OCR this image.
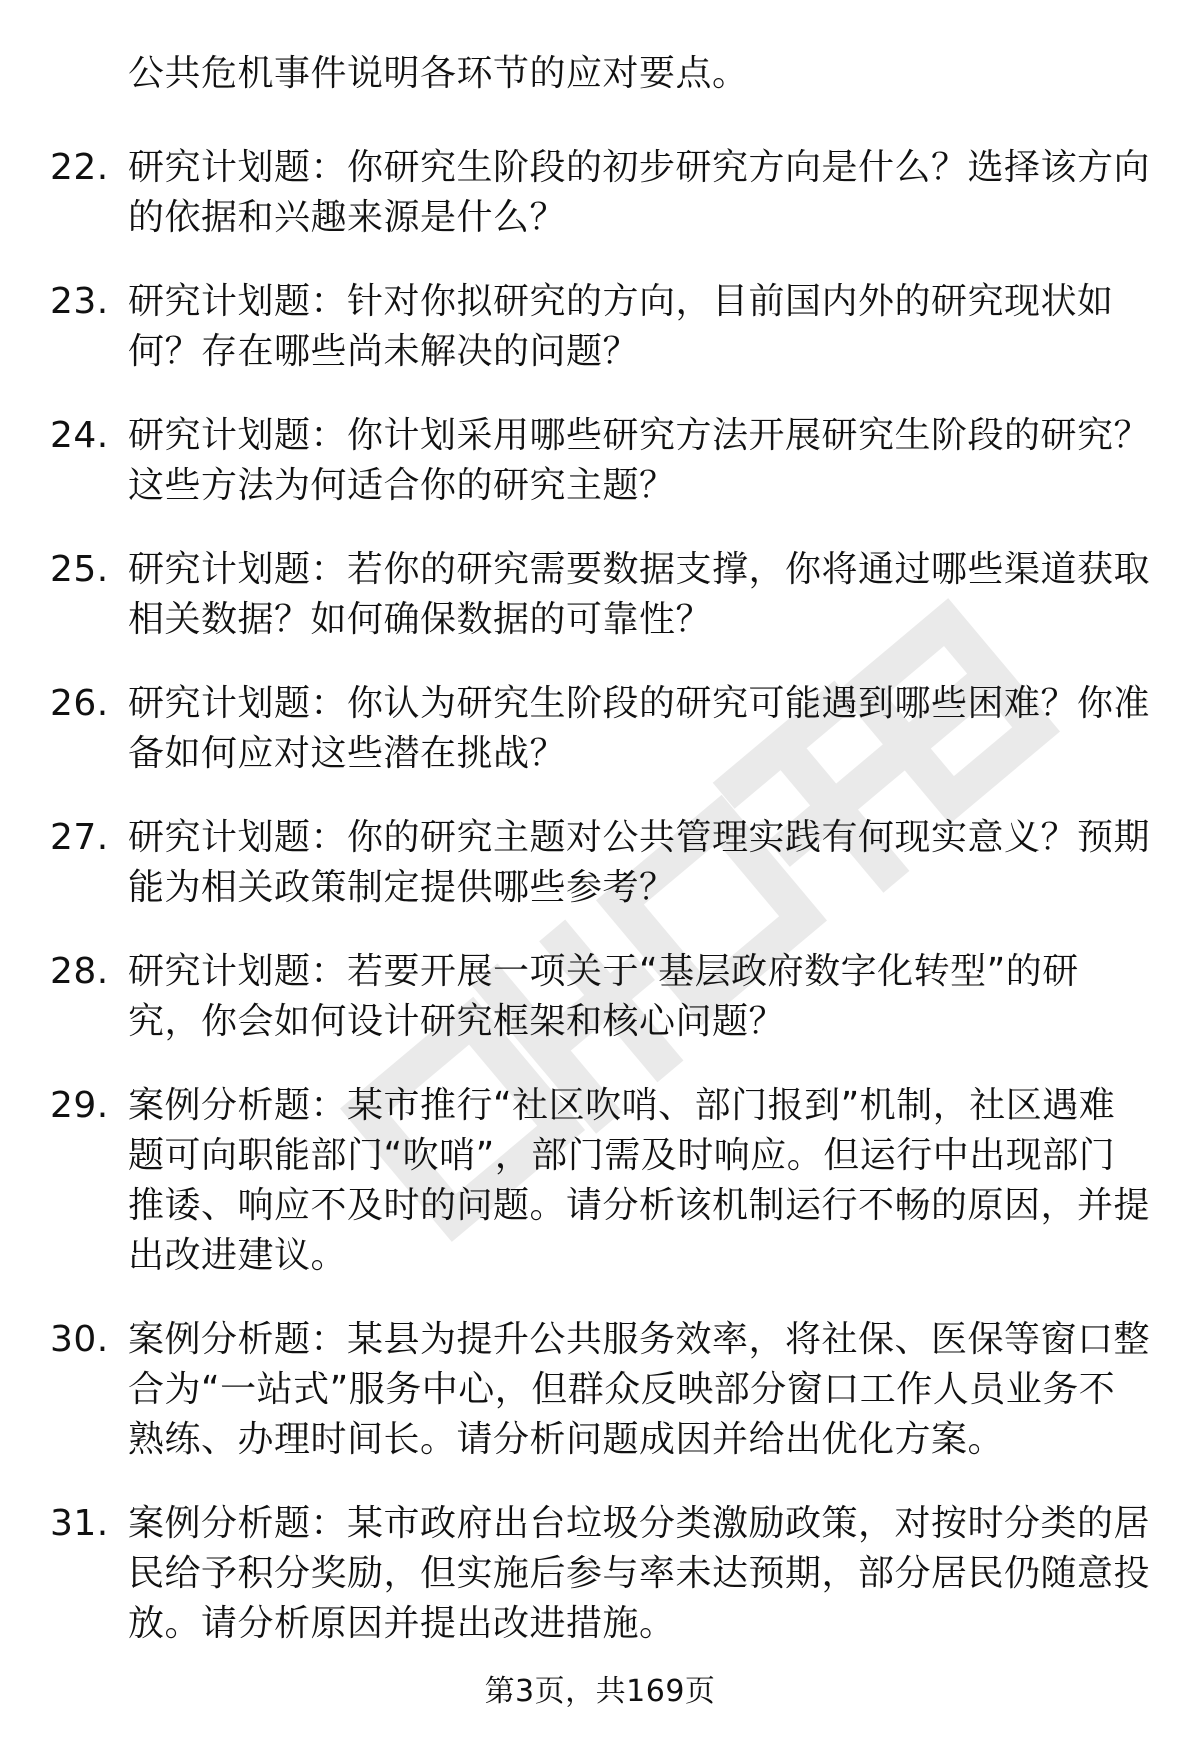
公共危机事件说明各环节的应对要点。
22. 研究计划题：你研究生阶段的初步研究方向是什么？选择该方向
的依据和兴趣来源是什么？
23. 研究计划题：针对你拟研究的方向，目前国内外的研究现状如
何？存在哪些尚未解决的问题？
24. 研究计划题：你计划采用哪些研究方法开展研究生阶段的研究？
这些方法为何适合你的研究主题？
25. 研究计划题：若你的研究需要数据支撑，你将通过哪些渠道获取
相关数据？如何确保数据的可靠性？
26. 研究计划题：你认为研究生阶段的研究可能遇到哪些困难？你准
备如何应对这些潜在挑战？
27. 研究计划题：你的研究主题对公共管理实践有何现实意义？预期
能为相关政策制定提供哪些参考？
28. 研究计划题：若要开展一项关于“基层政府数字化转型”的研
究，你会如何设计研究框架和核心问题？
29. 案例分析题：某市推行“社区吹哨、部门报到”机制，社区遇难
题可向职能部门“吹哨”，部门需及时响应。但运行中出现部门
推诿、响应不及时的问题。请分析该机制运行不畅的原因，并提
出改进建议。
30. 案例分析题：某县为提升公共服务效率，将社保、医保等窗口整
合为“一站式”服务中心，但群众反映部分窗口工作人员业务不
熟练、办理时间长。请分析问题成因并给出优化方案。
31. 案例分析题：某市政府出台垃圾分类激励政策，对按时分类的居
民给予积分奖励，但实施后参与率未达预期，部分居民仍随意投
放。请分析原因并提出改进措施。
第3页，共169页
